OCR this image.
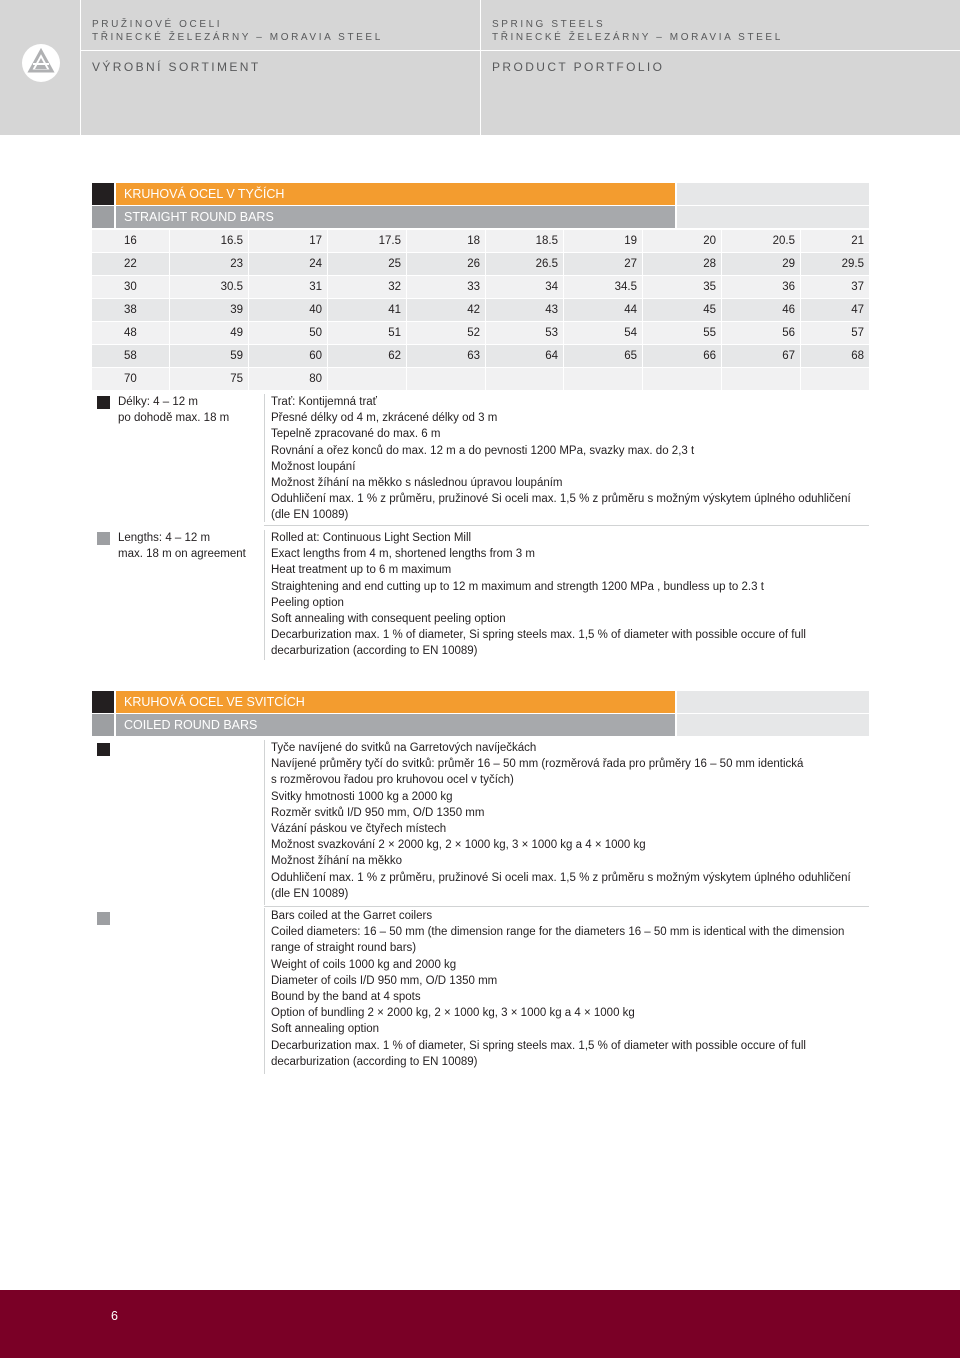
PRUŽINOVÉ OCELI
TŘINECKÉ ŽELEZÁRNY – MORAVIA STEEL
VÝROBNÍ SORTIMENT
SPRING STEELS
TŘINECKÉ ŽELEZÁRNY – MORAVIA STEEL
PRODUCT PORTFOLIO
KRUHOVÁ OCEL V TYČÍCH
STRAIGHT ROUND BARS
16	16.5	17	17.5	18	18.5	19	20	20.5	21
22	23	24	25	26	26.5	27	28	29	29.5
30	30.5	31	32	33	34	34.5	35	36	37
38	39	40	41	42	43	44	45	46	47
48	49	50	51	52	53	54	55	56	57
58	59	60	62	63	64	65	66	67	68
70	75	80
Délky: 4 – 12 m
po dohodě max. 18 m
Trať: Kontijemná trať
Přesné délky od 4 m, zkrácené délky od 3 m
Tepelně zpracované do max. 6 m
Rovnání a ořez konců do max. 12 m a do pevnosti 1200 MPa, svazky max. do 2,3 t
Možnost loupání
Možnost žíhání na měkko s následnou úpravou loupáním
Oduhličení max. 1 % z průměru, pružinové Si oceli max. 1,5 % z průměru s možným výskytem úplného oduhličení
(dle EN 10089)
Lengths: 4 – 12 m
max. 18 m on agreement
Rolled at: Continuous Light Section Mill
Exact lengths from 4 m, shortened lengths from 3 m
Heat treatment up to 6 m maximum
Straightening and end cutting up to 12 m maximum and strength 1200 MPa , bundless up to 2.3 t
Peeling option
Soft annealing with consequent peeling option
Decarburization max. 1 % of diameter, Si spring steels max. 1,5 % of diameter with possible occure of full
decarburization (according to EN 10089)
KRUHOVÁ OCEL VE SVITCÍCH
COILED ROUND BARS
Tyče navíjené do svitků na Garretových navíječkách
Navíjené průměry tyčí do svitků: průměr 16 – 50 mm (rozměrová řada pro průměry 16 – 50 mm identická
s rozměrovou řadou pro kruhovou ocel v tyčích)
Svitky hmotnosti 1000 kg a 2000 kg
Rozměr svitků I/D 950 mm, O/D 1350 mm
Vázání páskou ve čtyřech místech
Možnost svazkování 2 × 2000 kg, 2 × 1000 kg, 3 × 1000 kg a 4 × 1000 kg
Možnost žíhání na měkko
Oduhličení max. 1 % z průměru, pružinové Si oceli max. 1,5 % z průměru s možným výskytem úplného oduhličení
(dle EN 10089)
Bars coiled at the Garret coilers
Coiled diameters: 16 – 50 mm (the dimension range for the diameters 16 – 50 mm is identical with the dimension
range of straight round bars)
Weight of coils 1000 kg and 2000 kg
Diameter of coils I/D 950 mm, O/D 1350 mm
Bound by the band at 4 spots
Option of bundling 2 × 2000 kg, 2 × 1000 kg, 3 × 1000 kg a 4 × 1000 kg
Soft annealing option
Decarburization max. 1 % of diameter, Si spring steels max. 1,5 % of diameter with possible occure of full
decarburization (according to EN 10089)
6
